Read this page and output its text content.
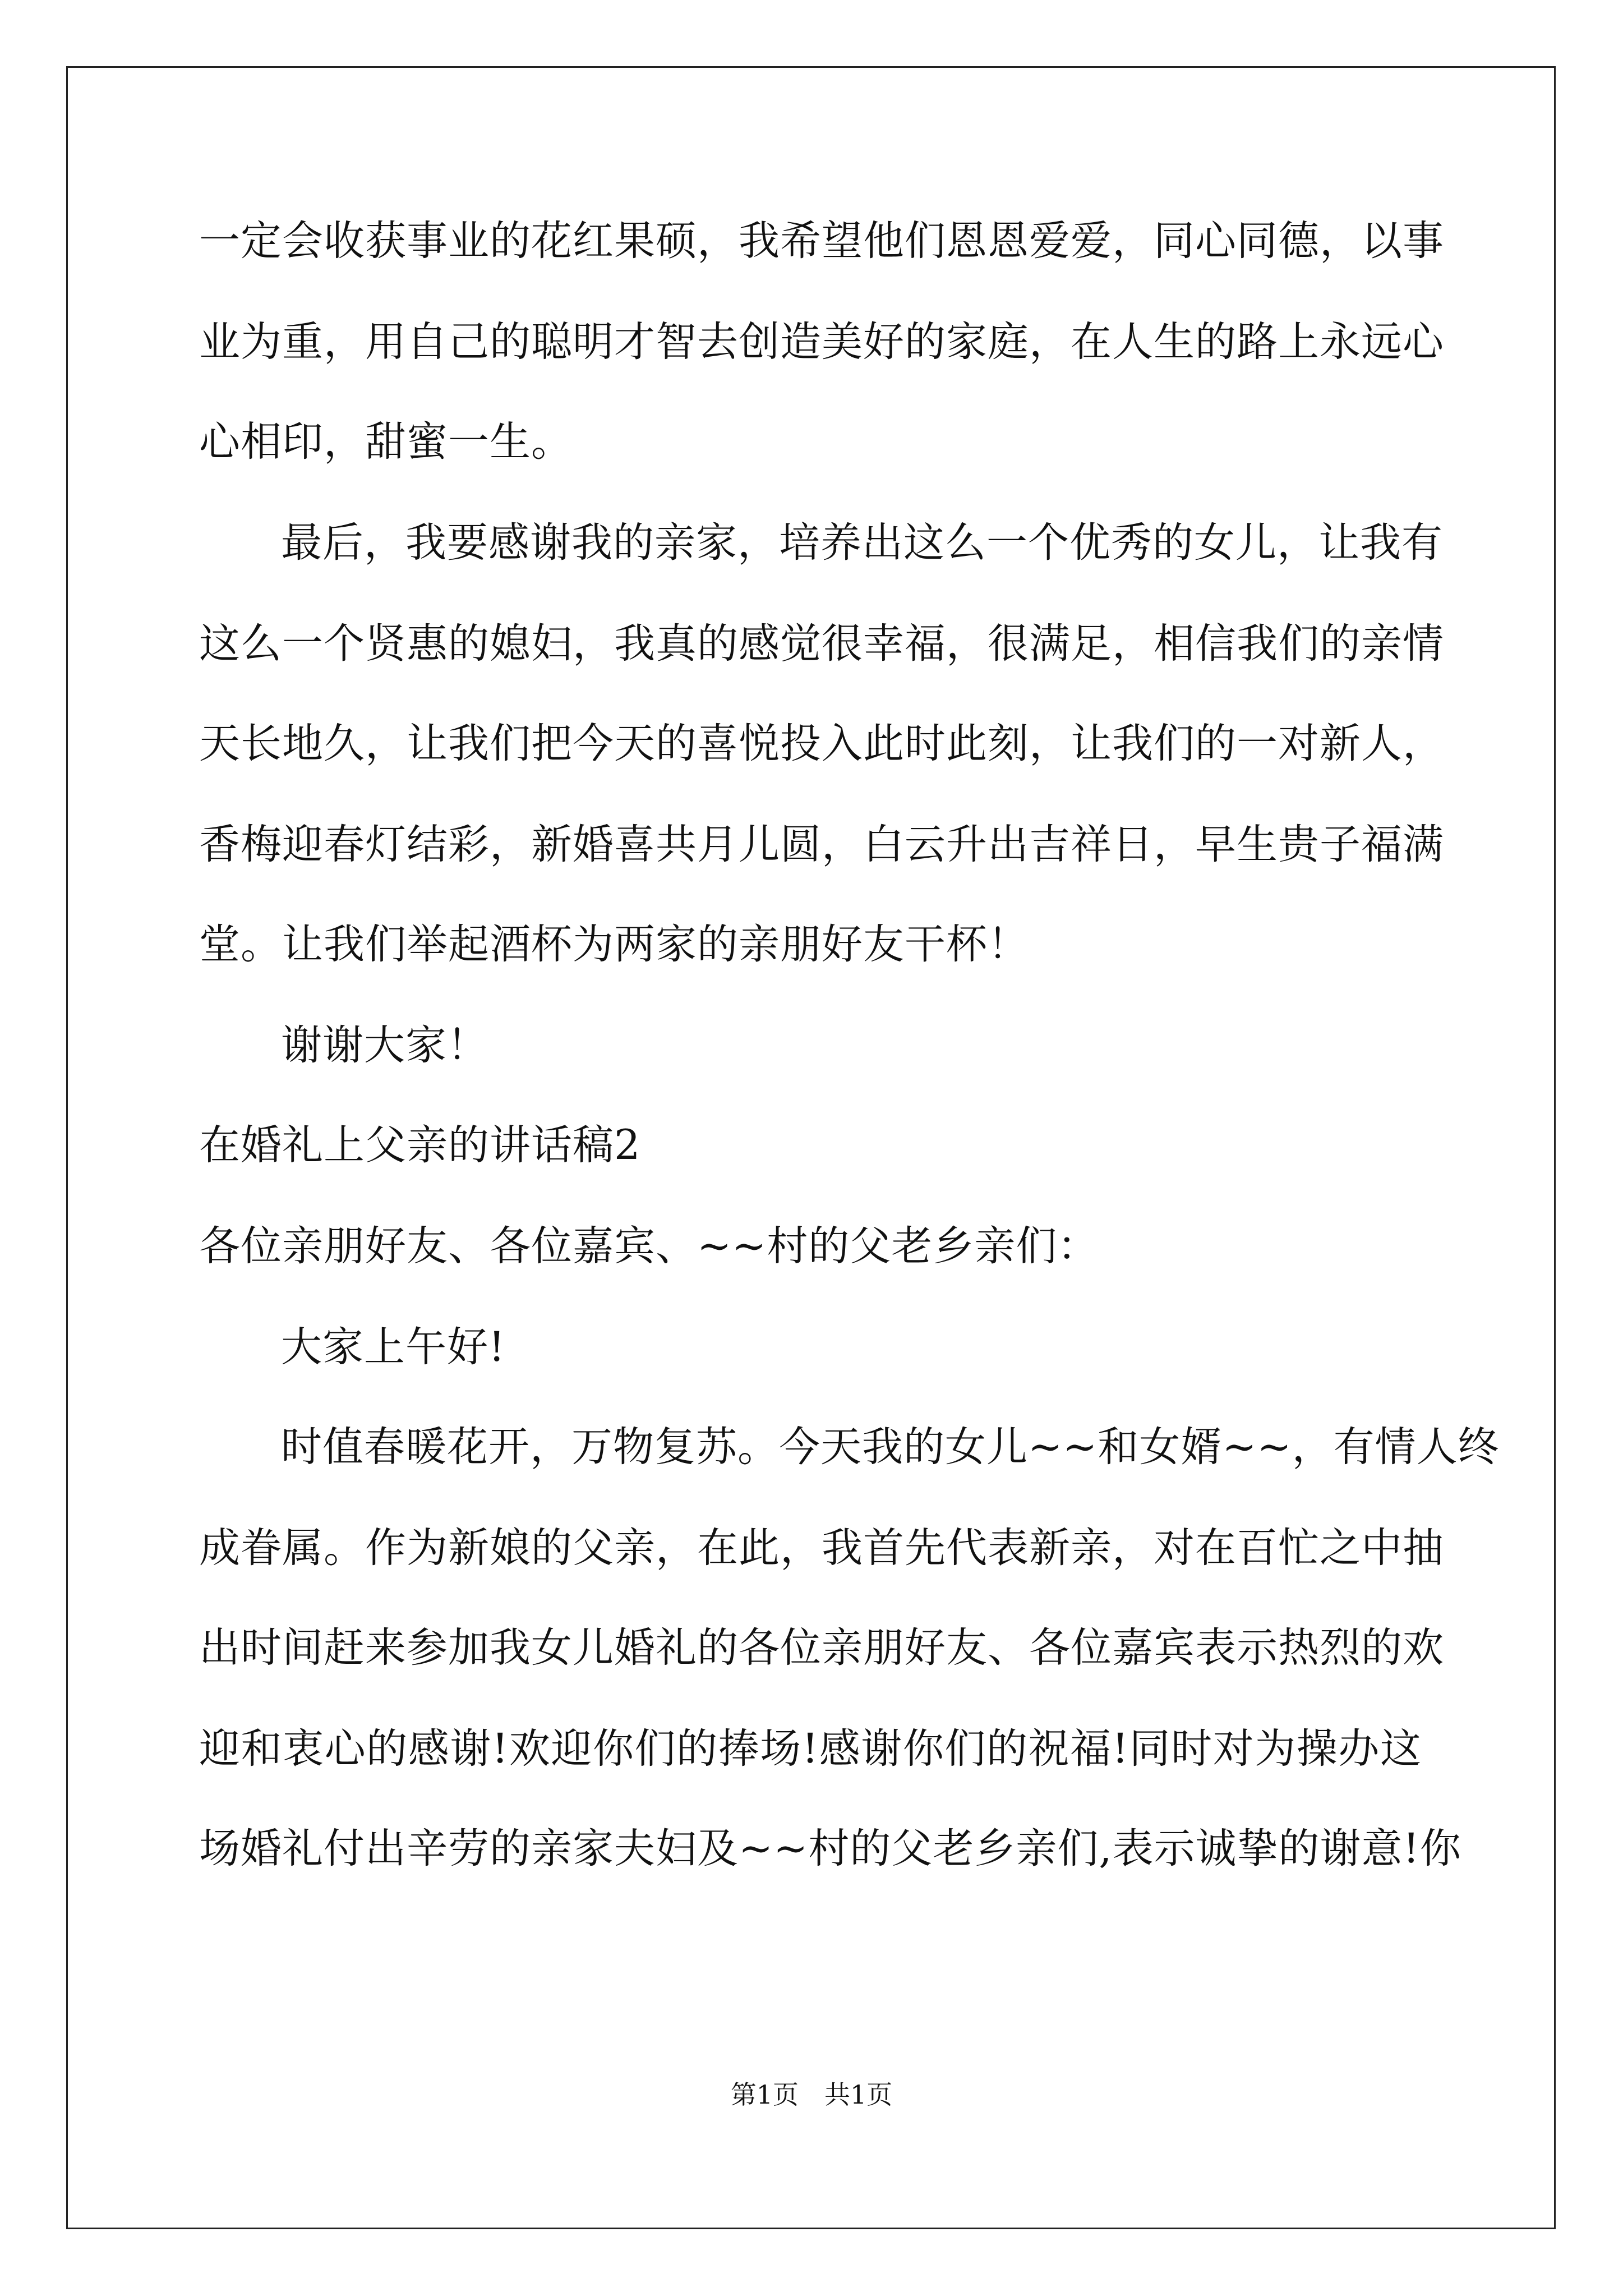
一定会收获事业的花红果硕，我希望他们恩恩爱爱，同心同德，以事
业为重，用自己的聪明才智去创造美好的家庭，在人生的路上永远心
心相印，甜蜜一生。
最后，我要感谢我的亲家，培养出这么一个优秀的女儿，让我有
这么一个贤惠的媳妇，我真的感觉很幸福，很满足，相信我们的亲情
天长地久，让我们把今天的喜悦投入此时此刻，让我们的一对新人，
香梅迎春灯结彩，新婚喜共月儿圆，白云升出吉祥日，早生贵子福满
堂。让我们举起酒杯为两家的亲朋好友干杯！
谢谢大家！
在婚礼上父亲的讲话稿2
各位亲朋好友、各位嘉宾、~~村的父老乡亲们：
大家上午好!
时值春暖花开，万物复苏。今天我的女儿~~和女婿~~，有情人终
成眷属。作为新娘的父亲，在此，我首先代表新亲，对在百忙之中抽
出时间赶来参加我女儿婚礼的各位亲朋好友、各位嘉宾表示热烈的欢
迎和衷心的感谢!欢迎你们的捧场!感谢你们的祝福!同时对为操办这
场婚礼付出辛劳的亲家夫妇及~~村的父老乡亲们,表示诚挚的谢意!你
第1页　共1页
